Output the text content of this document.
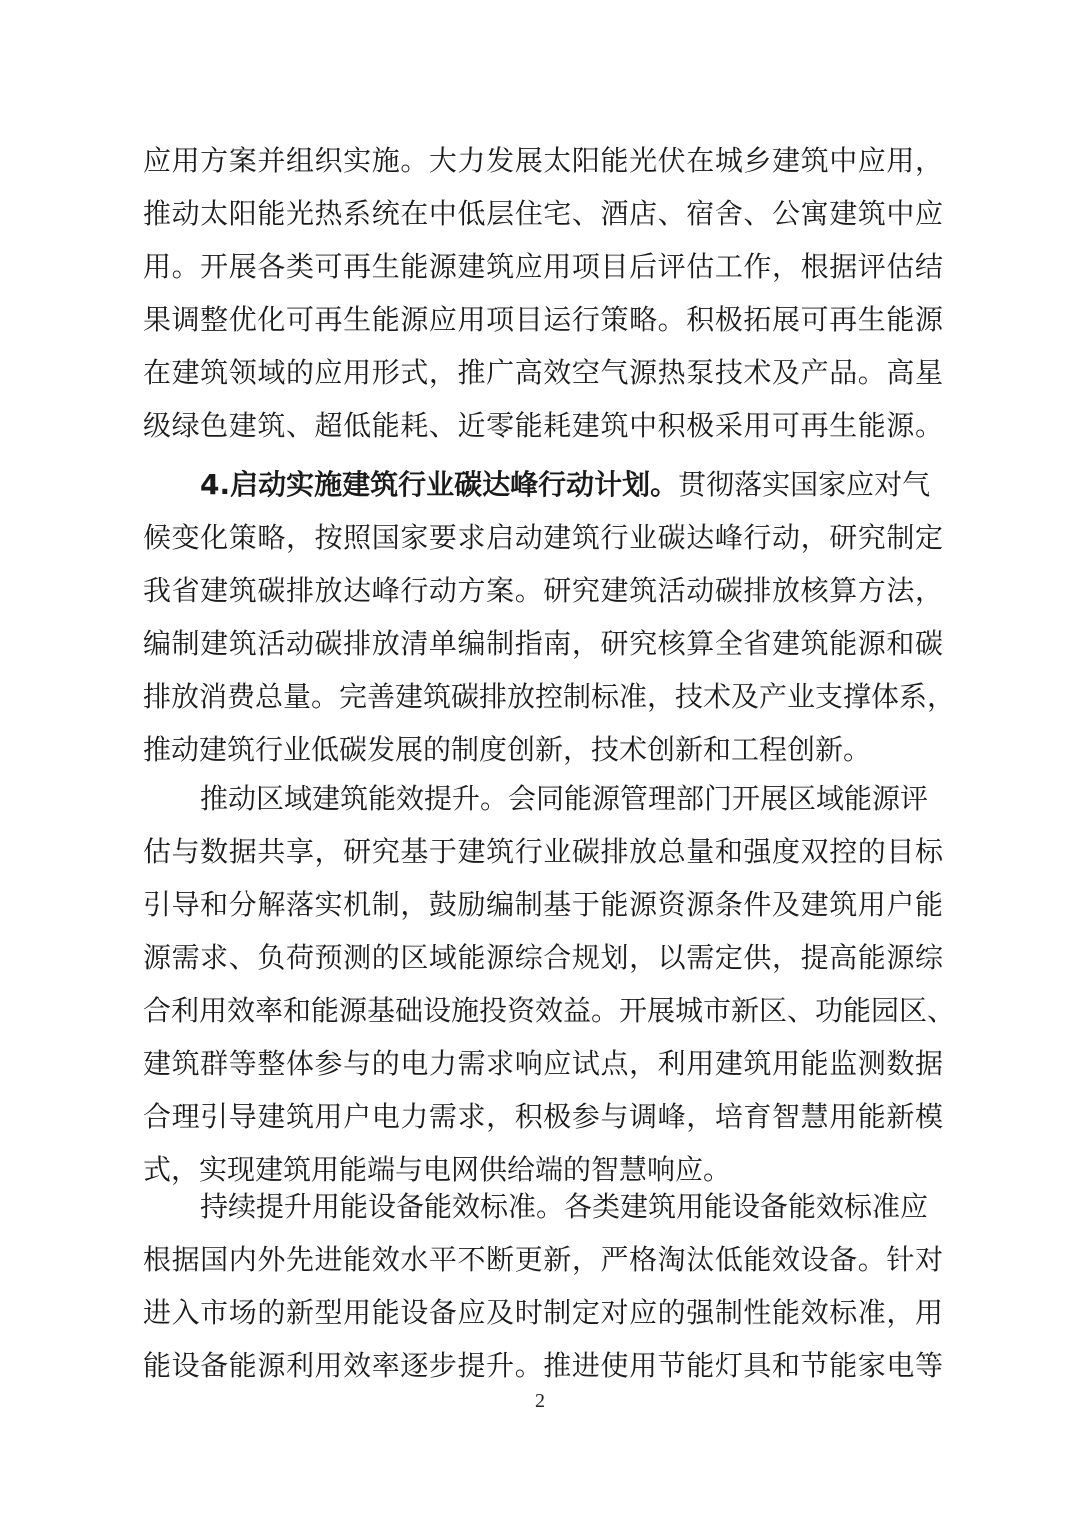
应用方案并组织实施。大力发展太阳能光伏在城乡建筑中应用，
推动太阳能光热系统在中低层住宅、酒店、宿舍、公寓建筑中应
用。开展各类可再生能源建筑应用项目后评估工作，根据评估结
果调整优化可再生能源应用项目运行策略。积极拓展可再生能源
在建筑领域的应用形式，推广高效空气源热泵技术及产品。高星
级绿色建筑、超低能耗、近零能耗建筑中积极采用可再生能源。
4.启动实施建筑行业碳达峰行动计划。贯彻落实国家应对气
候变化策略，按照国家要求启动建筑行业碳达峰行动，研究制定
我省建筑碳排放达峰行动方案。研究建筑活动碳排放核算方法，
编制建筑活动碳排放清单编制指南，研究核算全省建筑能源和碳
排放消费总量。完善建筑碳排放控制标准，技术及产业支撑体系，
推动建筑行业低碳发展的制度创新，技术创新和工程创新。
推动区域建筑能效提升。会同能源管理部门开展区域能源评
估与数据共享，研究基于建筑行业碳排放总量和强度双控的目标
引导和分解落实机制，鼓励编制基于能源资源条件及建筑用户能
源需求、负荷预测的区域能源综合规划，以需定供，提高能源综
合利用效率和能源基础设施投资效益。开展城市新区、功能园区、
建筑群等整体参与的电力需求响应试点，利用建筑用能监测数据
合理引导建筑用户电力需求，积极参与调峰，培育智慧用能新模
式，实现建筑用能端与电网供给端的智慧响应。
持续提升用能设备能效标准。各类建筑用能设备能效标准应
根据国内外先进能效水平不断更新，严格淘汰低能效设备。针对
进入市场的新型用能设备应及时制定对应的强制性能效标准，用
能设备能源利用效率逐步提升。推进使用节能灯具和节能家电等
2
